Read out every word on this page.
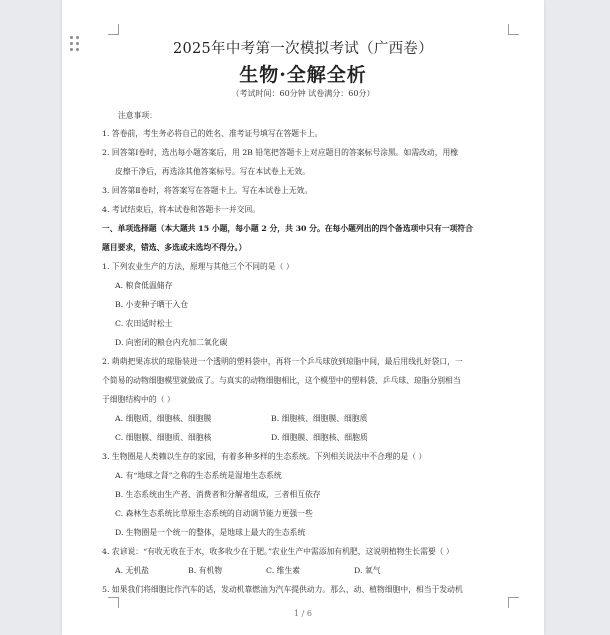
2025年中考第一次模拟考试（广西卷）
生物·全解全析
（考试时间：60分钟 试卷满分：60分）
注意事项：
1. 答卷前，考生务必将自己的姓名、准考证号填写在答题卡上。
2. 回答第Ⅰ卷时，选出每小题答案后，用 2B 铅笔把答题卡上对应题目的答案标号涂黑。如需改动，用橡
皮擦干净后，再选涂其他答案标号。写在本试卷上无效。
3. 回答第Ⅱ卷时，将答案写在答题卡上。写在本试卷上无效。
4. 考试结束后，将本试卷和答题卡一并交回。
一、单项选择题（本大题共 15 小题，每小题 2 分，共 30 分。在每小题列出的四个备选项中只有一项符合
题目要求，错选、多选或未选均不得分。）
1. 下列农业生产的方法，原理与其他三个不同的是（ ）
A. 粮食低温储存
B. 小麦种子晒干入仓
C. 农田适时松土
D. 向密闭的粮仓内充加二氧化碳
2. 萌萌把果冻状的琼脂装进一个透明的塑料袋中，再将一个乒乓球放到琼脂中间，最后用线扎好袋口，一
个简易的动物细胞模型就做成了。与真实的动物细胞相比，这个模型中的塑料袋、乒乓球、琼脂分别相当
于细胞结构中的（ ）
A. 细胞质、细胞核、细胞膜	B. 细胞核、细胞膜、细胞质
C. 细胞膜、细胞质、细胞核	D. 细胞膜、细胞核、细胞质
3. 生物圈是人类赖以生存的家园，有着多种多样的生态系统。下列相关说法中不合理的是（ ）
A. 有“地球之肾”之称的生态系统是湿地生态系统
B. 生态系统由生产者、消费者和分解者组成，三者相互依存
C. 森林生态系统比草原生态系统的自动调节能力更强一些
D. 生物圈是一个统一的整体，是地球上最大的生态系统
4. 农谚说：“有收无收在于水，收多收少在于肥。”农业生产中需添加有机肥，这说明植物生长需要（ ）
A. 无机盐	B. 有机物	C. 维生素	D. 氧气
5. 如果我们将细胞比作汽车的话，发动机靠燃油为汽车提供动力。那么，动、植物细胞中，相当于发动机
1 / 6
